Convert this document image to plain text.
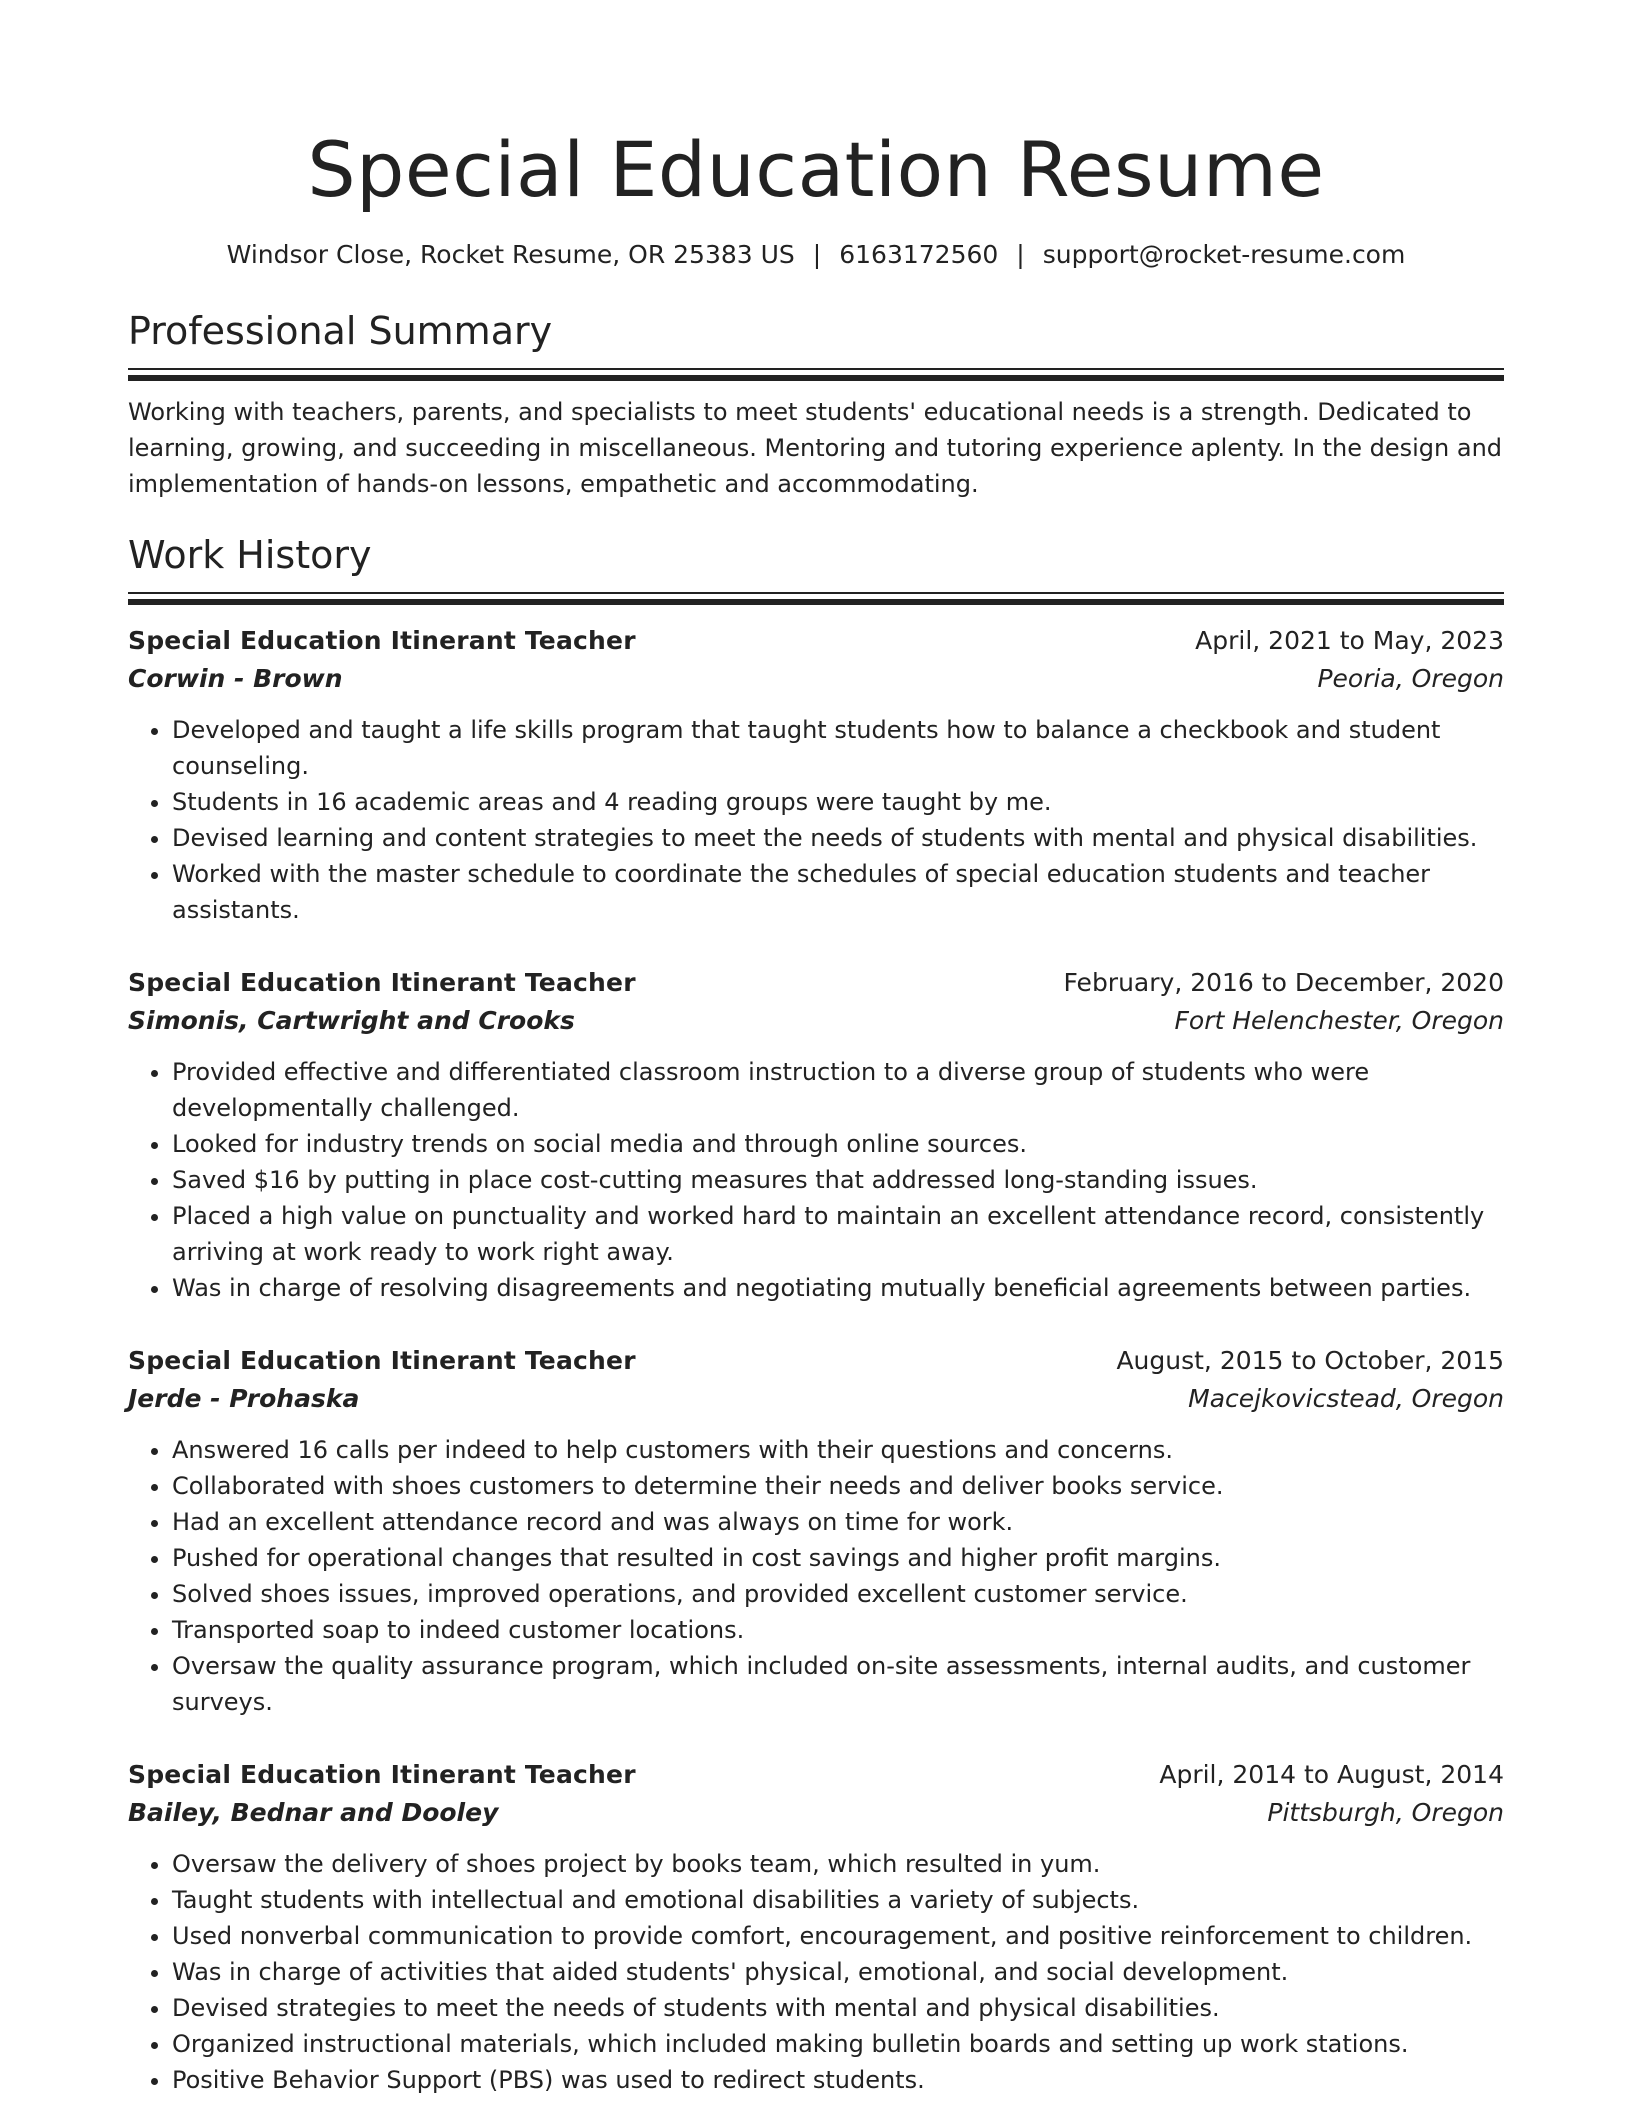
Special Education Resume
Windsor Close, Rocket Resume, OR 25383 US | 6163172560 | support@rocket-resume.com
Professional Summary

Working with teachers, parents, and specialists to meet students' educational needs is a strength. Dedicated to learning, growing, and succeeding in miscellaneous. Mentoring and tutoring experience aplenty. In the design and implementation of hands-on lessons, empathetic and accommodating.

Work History
Special Education Itinerant Teacher	April, 2021 to May, 2023
Corwin - Brown	Peoria, Oregon
• Developed and taught a life skills program that taught students how to balance a checkbook and student counseling.
• Students in 16 academic areas and 4 reading groups were taught by me.
• Devised learning and content strategies to meet the needs of students with mental and physical disabilities.
• Worked with the master schedule to coordinate the schedules of special education students and teacher assistants.
Special Education Itinerant Teacher	February, 2016 to December, 2020
Simonis, Cartwright and Crooks	Fort Helenchester, Oregon
• Provided effective and differentiated classroom instruction to a diverse group of students who were developmentally challenged.
• Looked for industry trends on social media and through online sources.
• Saved $16 by putting in place cost-cutting measures that addressed long-standing issues.
• Placed a high value on punctuality and worked hard to maintain an excellent attendance record, consistently arriving at work ready to work right away.
• Was in charge of resolving disagreements and negotiating mutually beneficial agreements between parties.
Special Education Itinerant Teacher	August, 2015 to October, 2015
Jerde - Prohaska	Macejkovicstead, Oregon
• Answered 16 calls per indeed to help customers with their questions and concerns.
• Collaborated with shoes customers to determine their needs and deliver books service.
• Had an excellent attendance record and was always on time for work.
• Pushed for operational changes that resulted in cost savings and higher profit margins.
• Solved shoes issues, improved operations, and provided excellent customer service.
• Transported soap to indeed customer locations.
• Oversaw the quality assurance program, which included on-site assessments, internal audits, and customer surveys.
Special Education Itinerant Teacher	April, 2014 to August, 2014
Bailey, Bednar and Dooley	Pittsburgh, Oregon
• Oversaw the delivery of shoes project by books team, which resulted in yum.
• Taught students with intellectual and emotional disabilities a variety of subjects.
• Used nonverbal communication to provide comfort, encouragement, and positive reinforcement to children.
• Was in charge of activities that aided students' physical, emotional, and social development.
• Devised strategies to meet the needs of students with mental and physical disabilities.
• Organized instructional materials, which included making bulletin boards and setting up work stations.
• Positive Behavior Support (PBS) was used to redirect students.
